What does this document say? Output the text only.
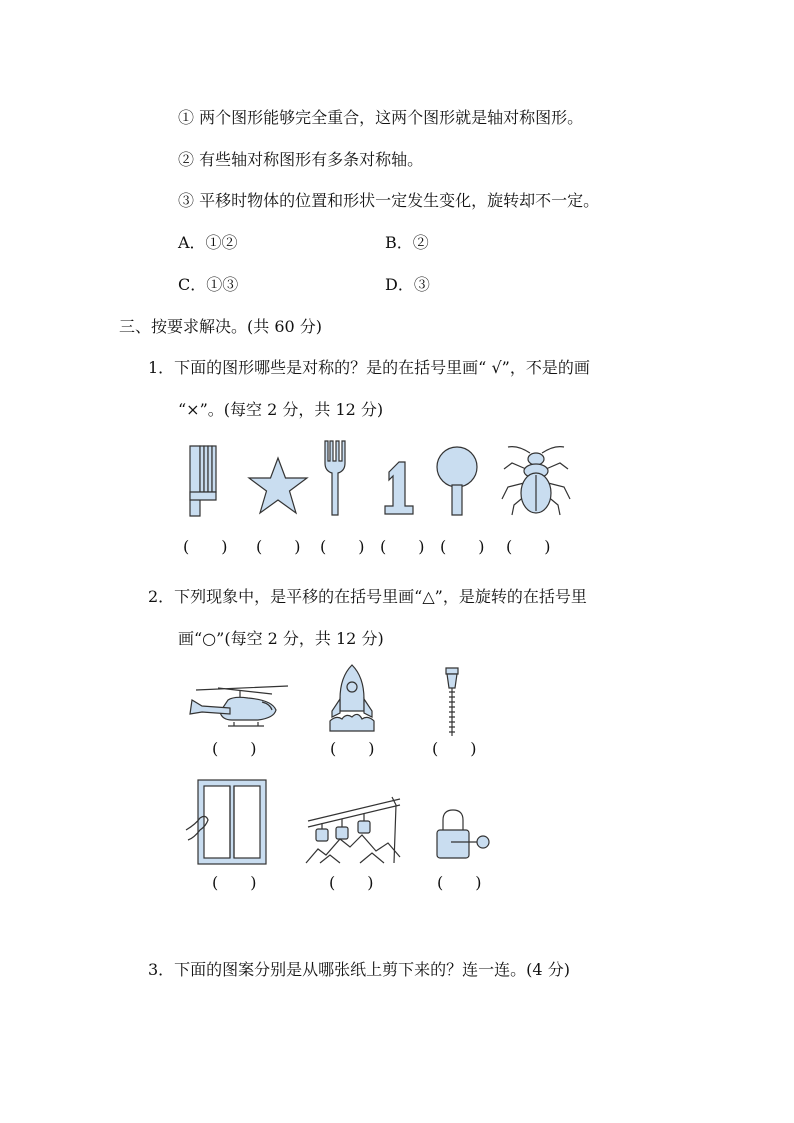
① 两个图形能够完全重合，这两个图形就是轴对称图形。
② 有些轴对称图形有多条对称轴。
③ 平移时物体的位置和形状一定发生变化，旋转却不一定。
A．①②	B．②
C．①③	D．③
三、按要求解决。(共 60 分)
1．下面的图形哪些是对称的？是的在括号里画“ √”，不是的画
“×”。(每空 2 分，共 12 分)
(　　) (　　) (　　) (　　) (　　) (　　)
2．下列现象中，是平移的在括号里画“△”，是旋转的在括号里
画“○”(每空 2 分，共 12 分)
(　　)	(　　)	(　　)
(　　)	(　　)	(　　)
3．下面的图案分别是从哪张纸上剪下来的？连一连。(4 分)
